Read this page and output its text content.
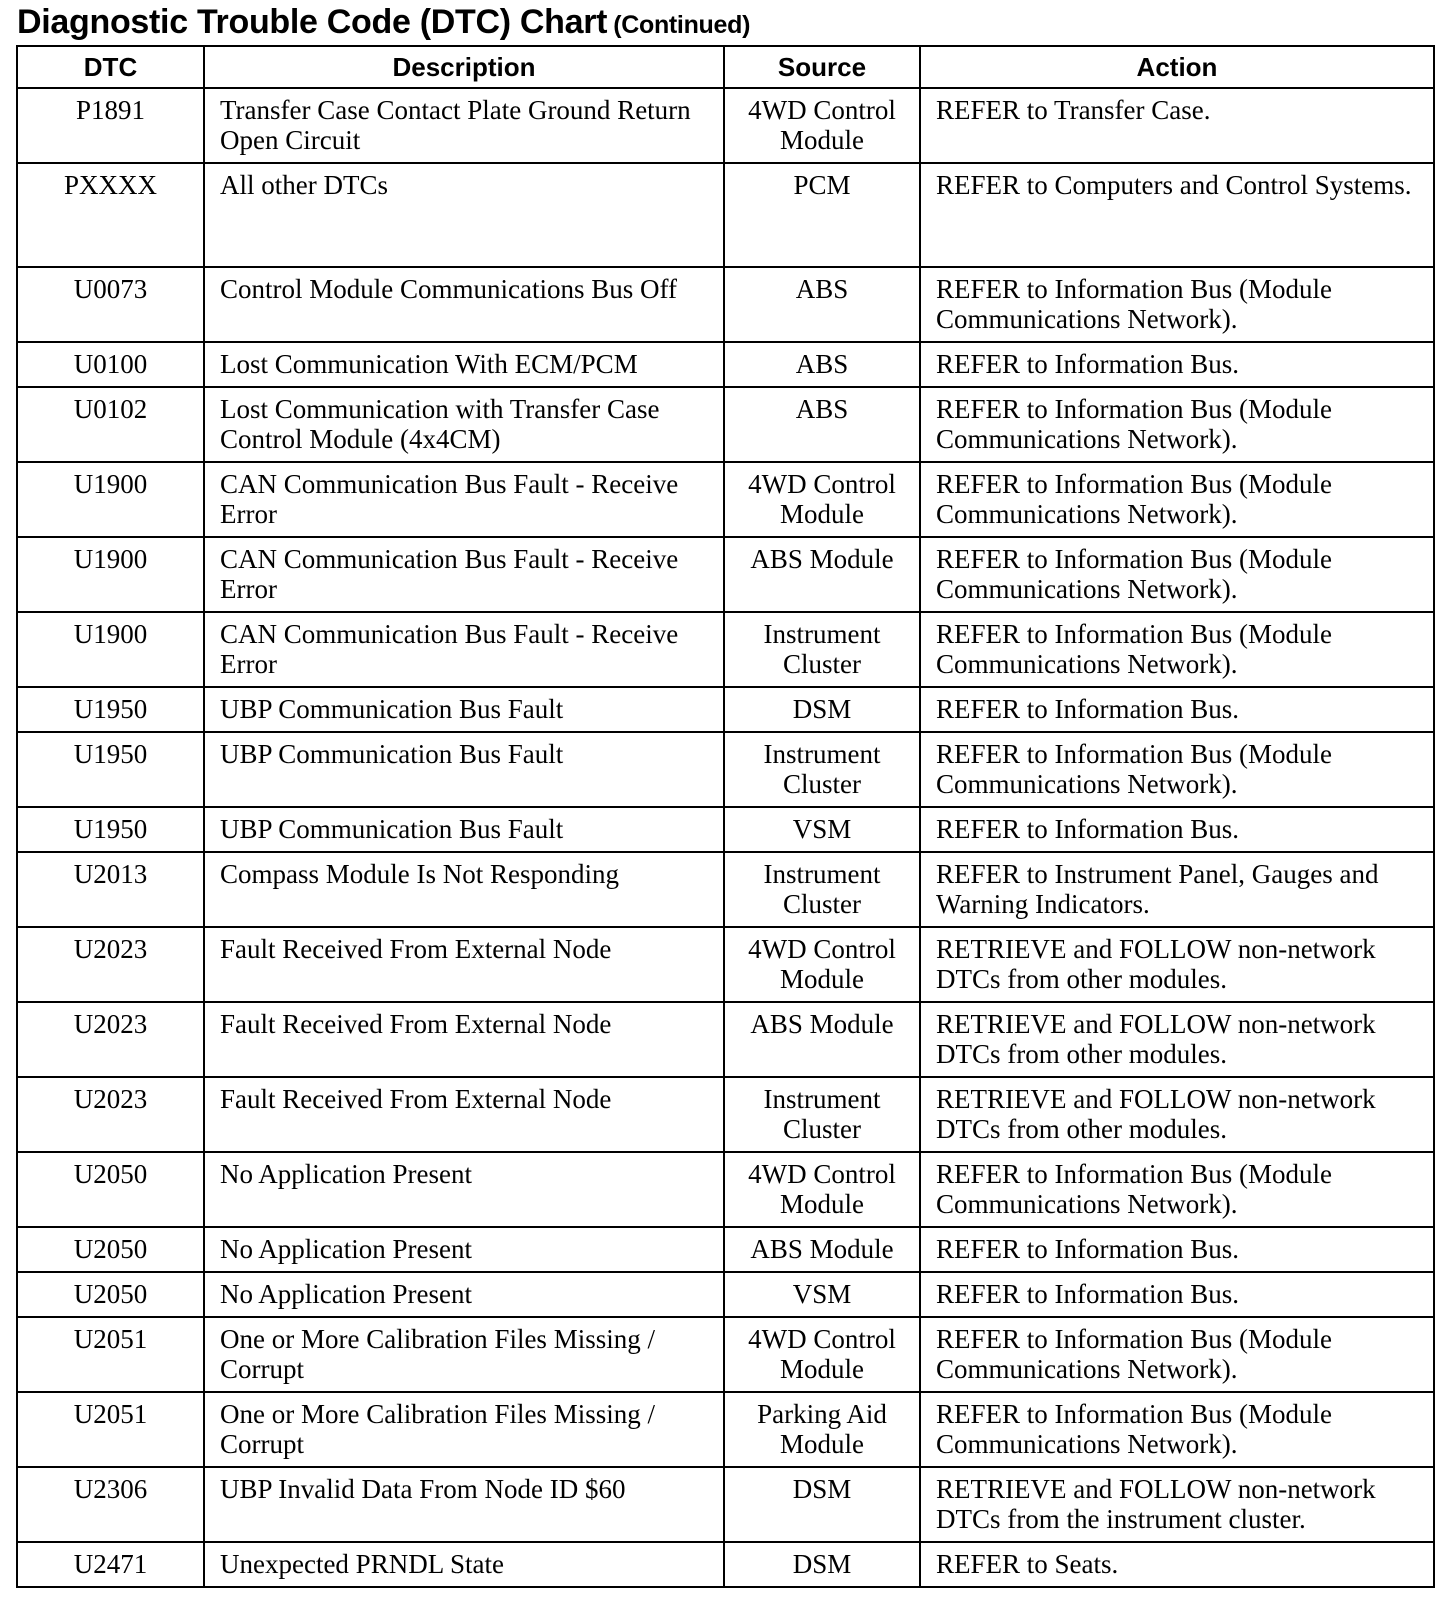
Diagnostic Trouble Code (DTC) Chart (Continued)
DTC	Description	Source	Action
P1891	Transfer Case Contact Plate Ground Return Open Circuit	4WD Control Module	REFER to Transfer Case.
PXXXX	All other DTCs	PCM	REFER to Computers and Control Systems.
U0073	Control Module Communications Bus Off	ABS	REFER to Information Bus (Module Communications Network).
U0100	Lost Communication With ECM/PCM	ABS	REFER to Information Bus.
U0102	Lost Communication with Transfer Case Control Module (4x4CM)	ABS	REFER to Information Bus (Module Communications Network).
U1900	CAN Communication Bus Fault - Receive Error	4WD Control Module	REFER to Information Bus (Module Communications Network).
U1900	CAN Communication Bus Fault - Receive Error	ABS Module	REFER to Information Bus (Module Communications Network).
U1900	CAN Communication Bus Fault - Receive Error	Instrument Cluster	REFER to Information Bus (Module Communications Network).
U1950	UBP Communication Bus Fault	DSM	REFER to Information Bus.
U1950	UBP Communication Bus Fault	Instrument Cluster	REFER to Information Bus (Module Communications Network).
U1950	UBP Communication Bus Fault	VSM	REFER to Information Bus.
U2013	Compass Module Is Not Responding	Instrument Cluster	REFER to Instrument Panel, Gauges and Warning Indicators.
U2023	Fault Received From External Node	4WD Control Module	RETRIEVE and FOLLOW non-network DTCs from other modules.
U2023	Fault Received From External Node	ABS Module	RETRIEVE and FOLLOW non-network DTCs from other modules.
U2023	Fault Received From External Node	Instrument Cluster	RETRIEVE and FOLLOW non-network DTCs from other modules.
U2050	No Application Present	4WD Control Module	REFER to Information Bus (Module Communications Network).
U2050	No Application Present	ABS Module	REFER to Information Bus.
U2050	No Application Present	VSM	REFER to Information Bus.
U2051	One or More Calibration Files Missing / Corrupt	4WD Control Module	REFER to Information Bus (Module Communications Network).
U2051	One or More Calibration Files Missing / Corrupt	Parking Aid Module	REFER to Information Bus (Module Communications Network).
U2306	UBP Invalid Data From Node ID $60	DSM	RETRIEVE and FOLLOW non-network DTCs from the instrument cluster.
U2471	Unexpected PRNDL State	DSM	REFER to Seats.
